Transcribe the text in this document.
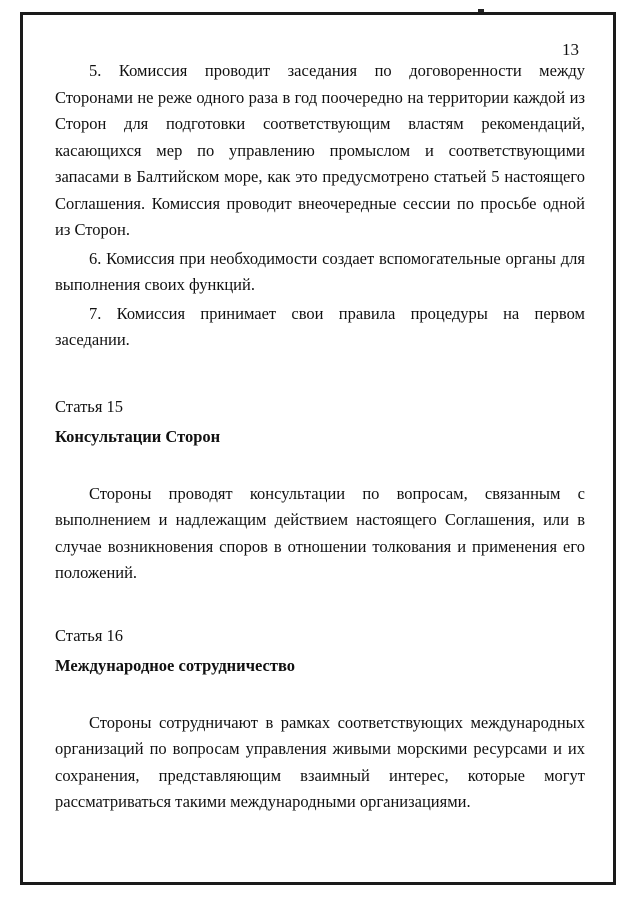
13

5. Комиссия проводит заседания по договоренности между Сторонами не реже одного раза в год поочередно на территории каждой из Сторон для подготовки соответствующим властям рекомендаций, касающихся мер по управлению промыслом и соответствующими запасами в Балтийском море, как это предусмотрено статьей 5 настоящего Соглашения. Комиссия проводит внеочередные сессии по просьбе одной из Сторон.

6. Комиссия при необходимости создает вспомогательные органы для выполнения своих функций.

7. Комиссия принимает свои правила процедуры на первом заседании.

Статья 15

Консультации Сторон

Стороны проводят консультации по вопросам, связанным с выполнением и надлежащим действием настоящего Соглашения, или в случае возникновения споров в отношении толкования и применения его положений.

Статья 16

Международное сотрудничество

Стороны сотрудничают в рамках соответствующих международных организаций по вопросам управления живыми морскими ресурсами и их сохранения, представляющим взаимный интерес, которые могут рассматриваться такими международными организациями.
